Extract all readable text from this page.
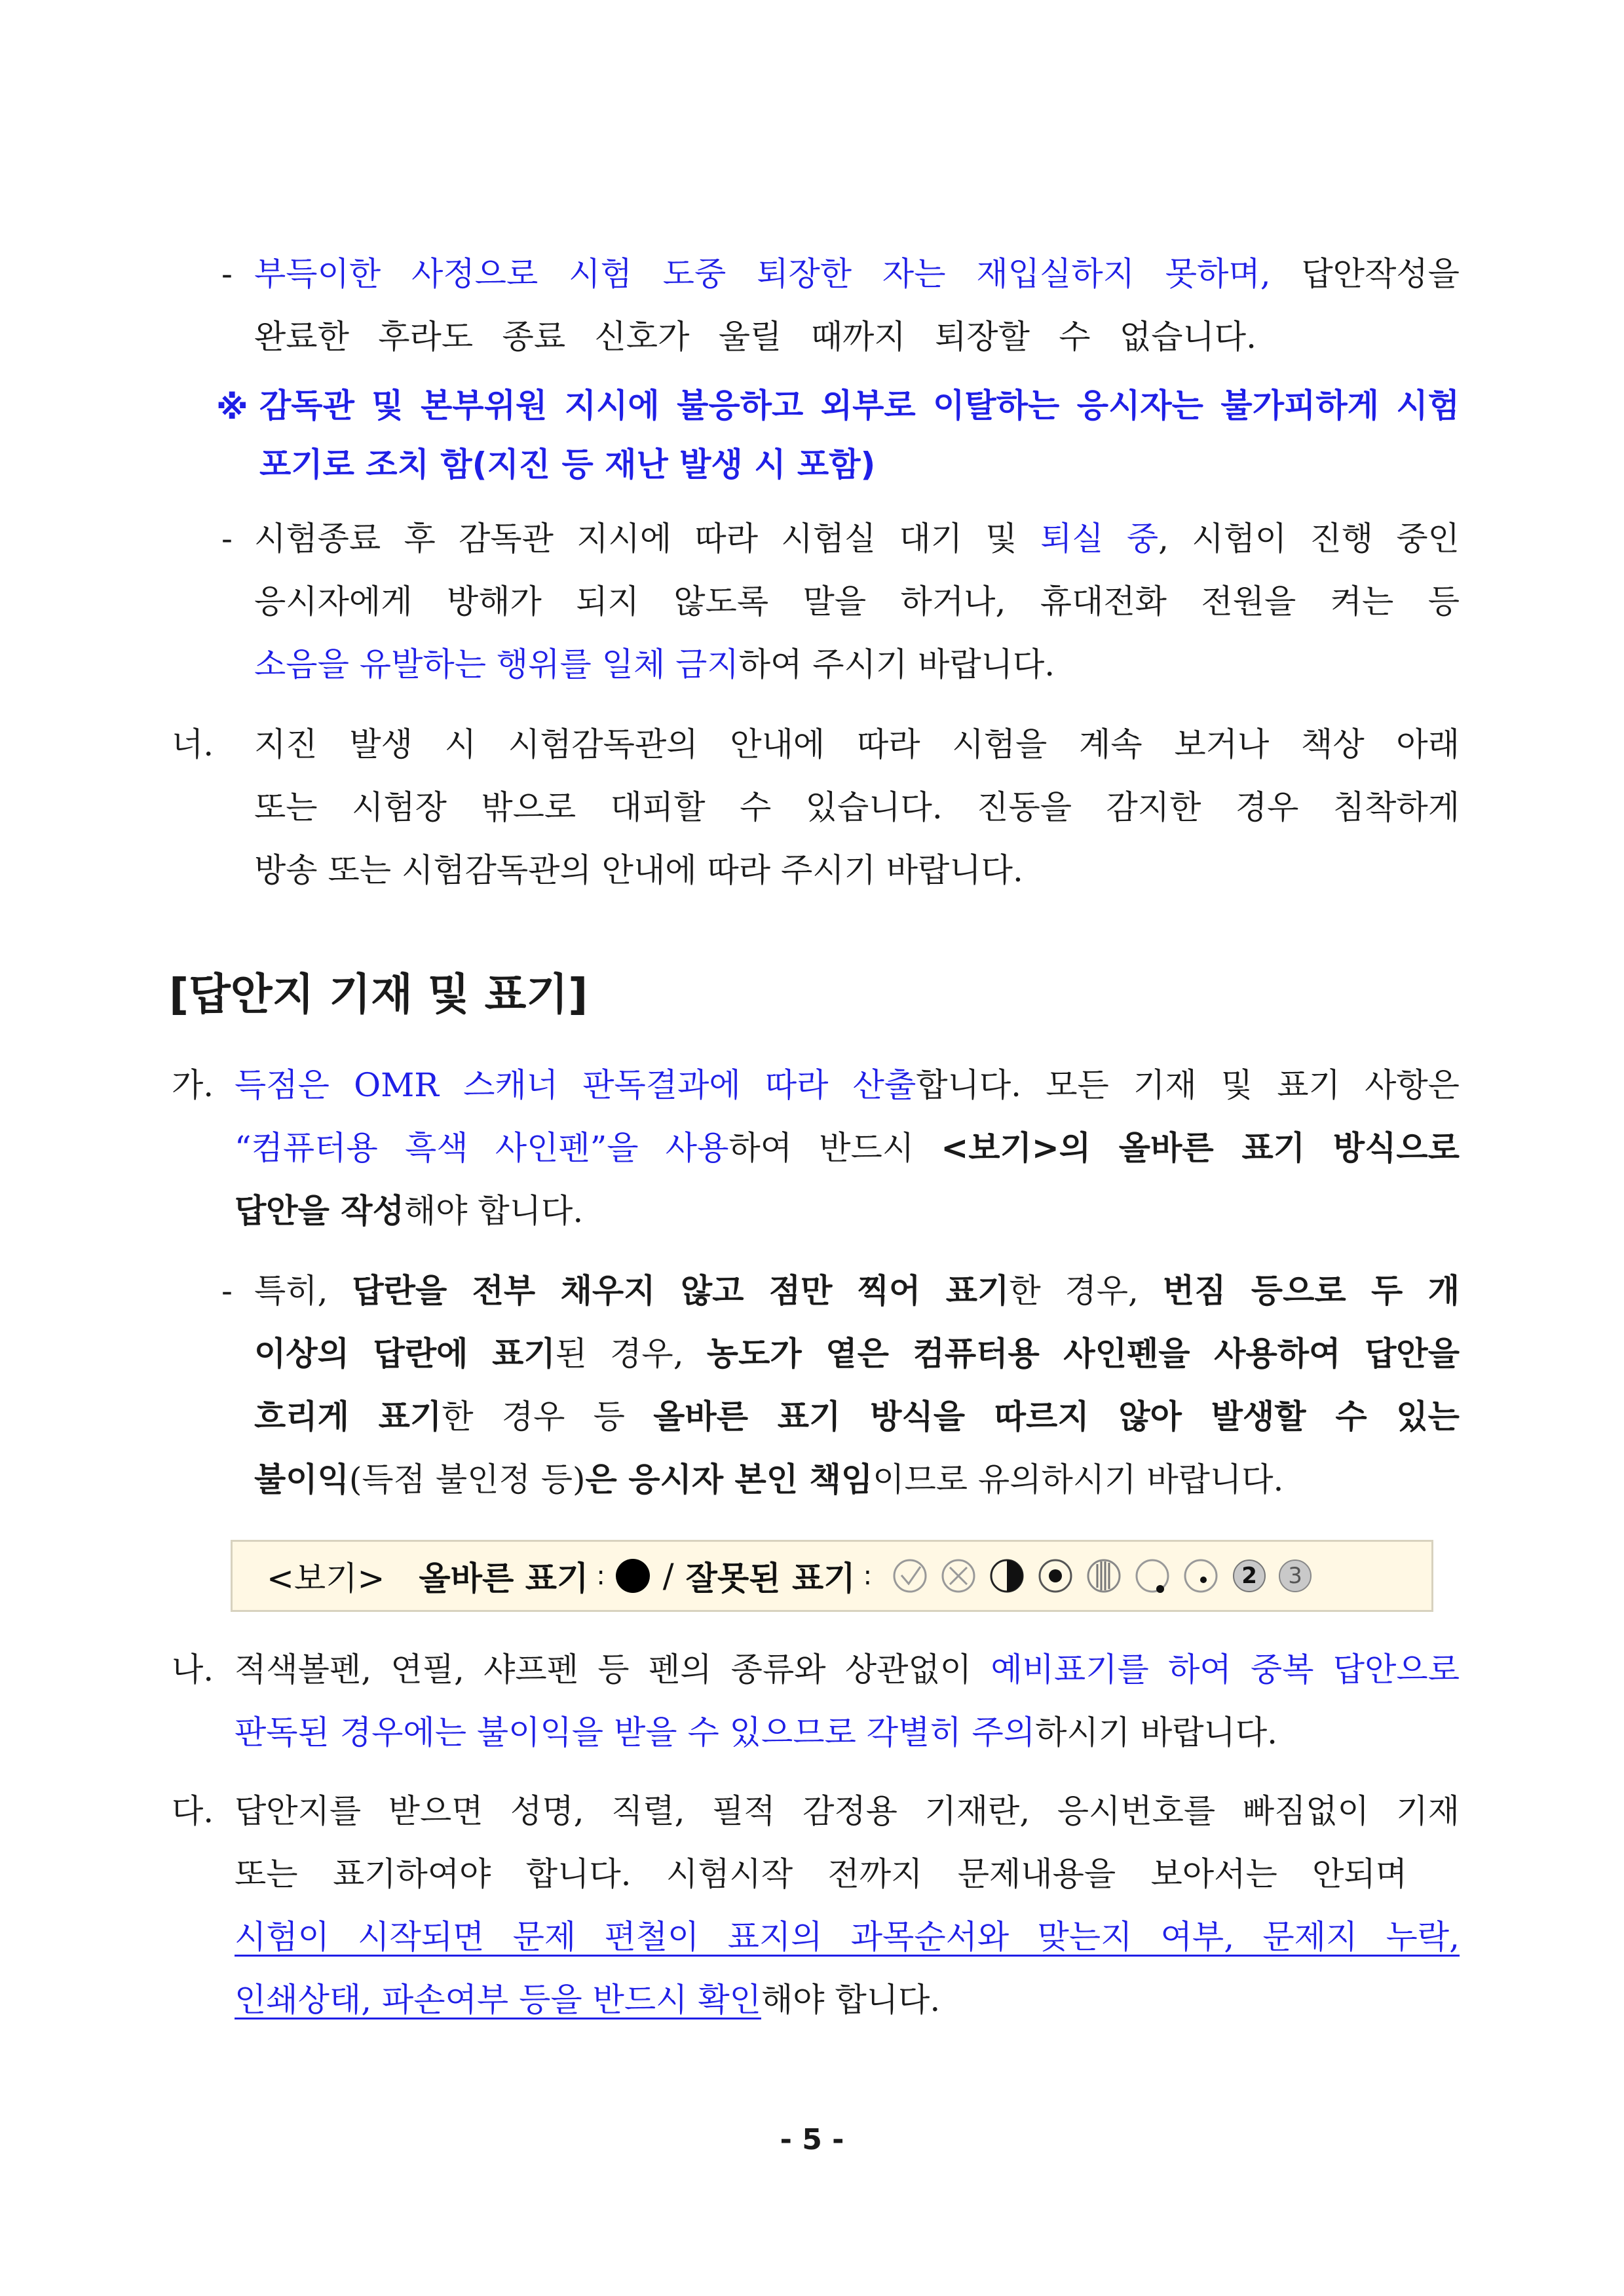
- 부득이한 사정으로 시험 도중 퇴장한 자는 재입실하지 못하며, 답안작성을
완료한 후라도 종료 신호가 울릴 때까지 퇴장할 수 없습니다.
※ 감독관 및 본부위원 지시에 불응하고 외부로 이탈하는 응시자는 불가피하게 시험
포기로 조치 함(지진 등 재난 발생 시 포함)
- 시험종료 후 감독관 지시에 따라 시험실 대기 및 퇴실 중, 시험이 진행 중인
응시자에게 방해가 되지 않도록 말을 하거나, 휴대전화 전원을 켜는 등
소음을 유발하는 행위를 일체 금지하여 주시기 바랍니다.
너. 지진 발생 시 시험감독관의 안내에 따라 시험을 계속 보거나 책상 아래
또는 시험장 밖으로 대피할 수 있습니다. 진동을 감지한 경우 침착하게
방송 또는 시험감독관의 안내에 따라 주시기 바랍니다.
[답안지 기재 및 표기]
가. 득점은 OMR 스캐너 판독결과에 따라 산출합니다. 모든 기재 및 표기 사항은
“컴퓨터용 흑색 사인펜”을 사용하여 반드시 <보기>의 올바른 표기 방식으로
답안을 작성해야 합니다.
- 특히, 답란을 전부 채우지 않고 점만 찍어 표기한 경우, 번짐 등으로 두 개
이상의 답란에 표기된 경우, 농도가 옅은 컴퓨터용 사인펜을 사용하여 답안을
흐리게 표기한 경우 등 올바른 표기 방식을 따르지 않아 발생할 수 있는
불이익(득점 불인정 등)은 응시자 본인 책임이므로 유의하시기 바랍니다.
<보기> 올바른 표기 : / 잘못된 표기 :	2	3
나. 적색볼펜, 연필, 샤프펜 등 펜의 종류와 상관없이 예비표기를 하여 중복 답안으로
판독된 경우에는 불이익을 받을 수 있으므로 각별히 주의하시기 바랍니다.
다. 답안지를 받으면 성명, 직렬, 필적 감정용 기재란, 응시번호를 빠짐없이 기재
또는 표기하여야 합니다. 시험시작 전까지 문제내용을 보아서는 안되며
시험이 시작되면 문제 편철이 표지의 과목순서와 맞는지 여부, 문제지 누락,
인쇄상태, 파손여부 등을 반드시 확인해야 합니다.
- 5 -
